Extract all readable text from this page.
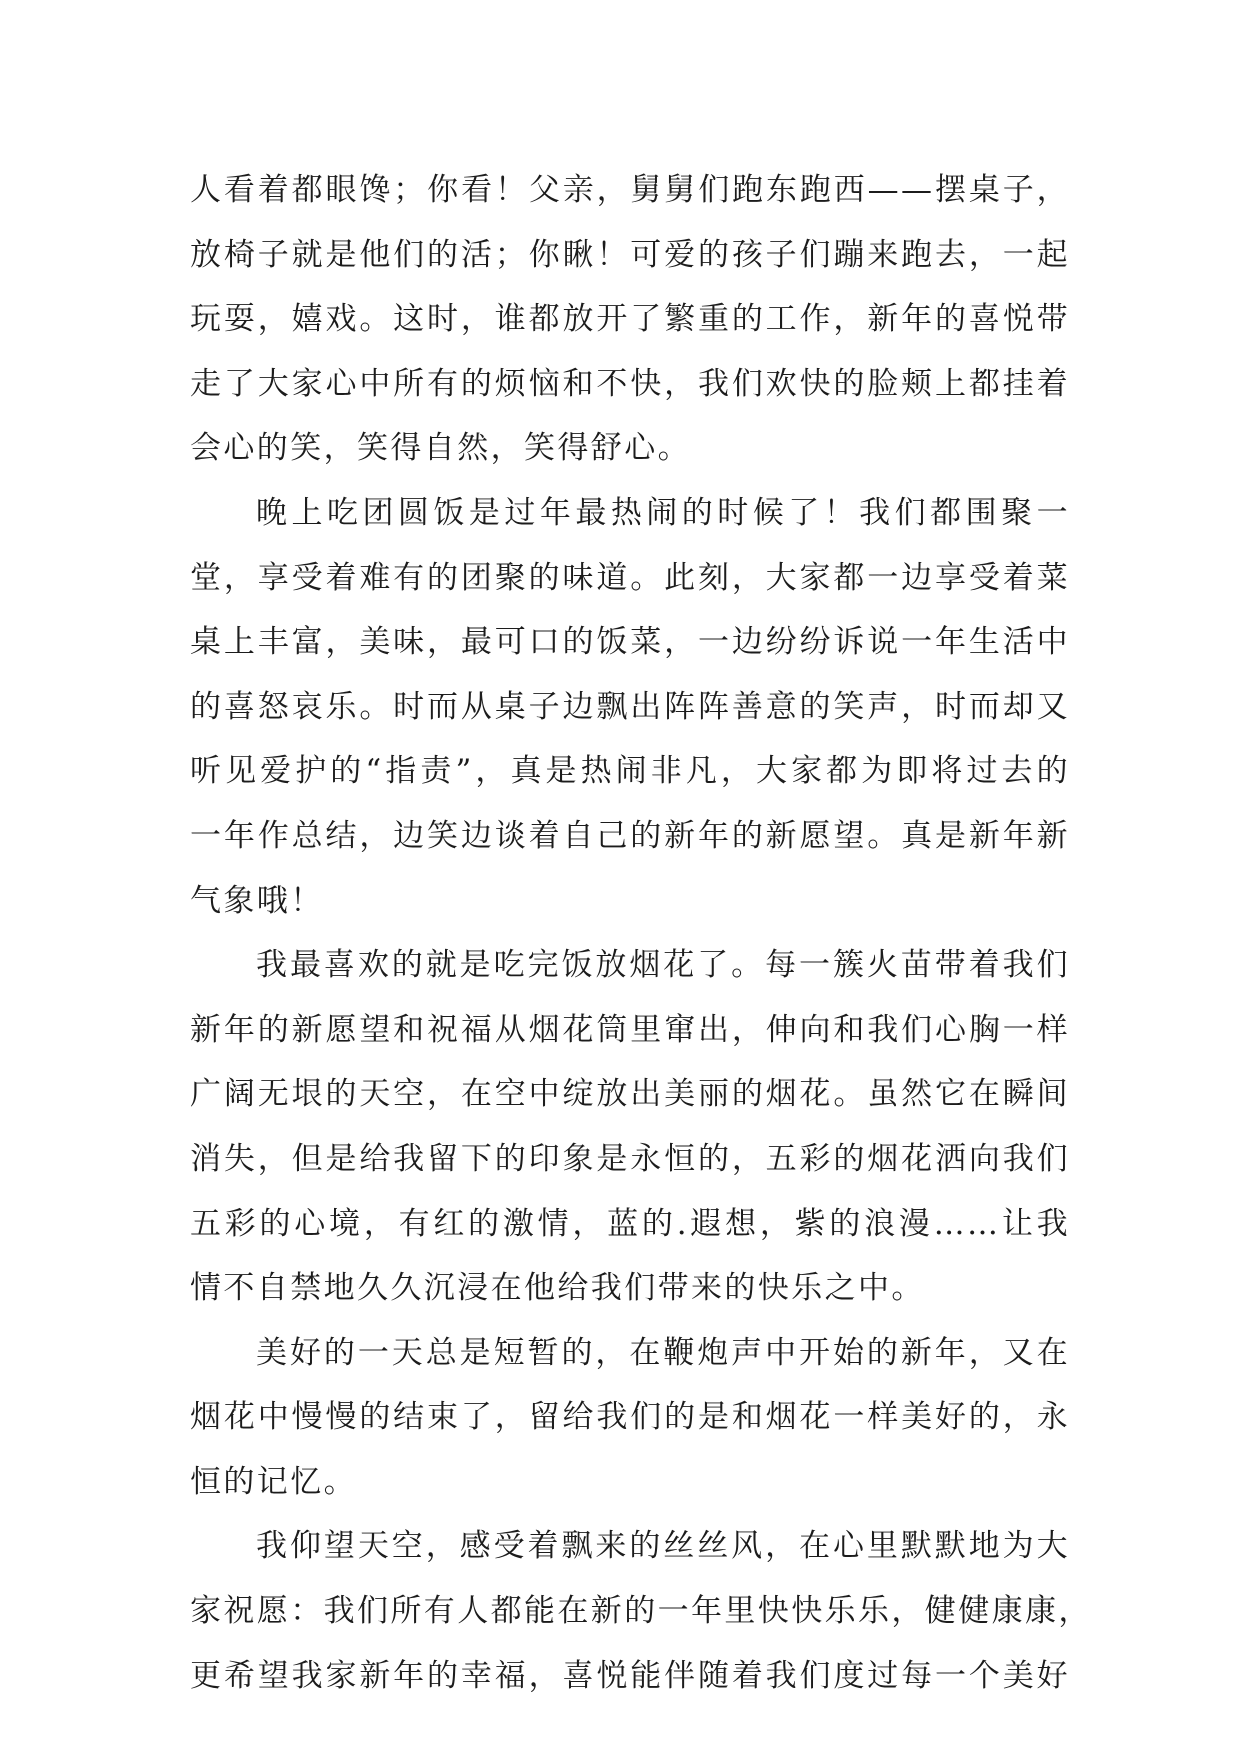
人看着都眼馋；你看！父亲，舅舅们跑东跑西——摆桌子，
放椅子就是他们的活；你瞅！可爱的孩子们蹦来跑去，一起
玩耍，嬉戏。这时，谁都放开了繁重的工作，新年的喜悦带
走了大家心中所有的烦恼和不快，我们欢快的脸颊上都挂着
会心的笑，笑得自然，笑得舒心。
晚上吃团圆饭是过年最热闹的时候了！我们都围聚一
堂，享受着难有的团聚的味道。此刻，大家都一边享受着菜
桌上丰富，美味，最可口的饭菜，一边纷纷诉说一年生活中
的喜怒哀乐。时而从桌子边飘出阵阵善意的笑声，时而却又
听见爱护的“指责”，真是热闹非凡，大家都为即将过去的
一年作总结，边笑边谈着自己的新年的新愿望。真是新年新
气象哦！
我最喜欢的就是吃完饭放烟花了。每一簇火苗带着我们
新年的新愿望和祝福从烟花筒里窜出，伸向和我们心胸一样
广阔无垠的天空，在空中绽放出美丽的烟花。虽然它在瞬间
消失，但是给我留下的印象是永恒的，五彩的烟花洒向我们
五彩的心境，有红的激情，蓝的.遐想，紫的浪漫……让我
情不自禁地久久沉浸在他给我们带来的快乐之中。
美好的一天总是短暂的，在鞭炮声中开始的新年，又在
烟花中慢慢的结束了，留给我们的是和烟花一样美好的，永
恒的记忆。
我仰望天空，感受着飘来的丝丝风，在心里默默地为大
家祝愿：我们所有人都能在新的一年里快快乐乐，健健康康，
更希望我家新年的幸福，喜悦能伴随着我们度过每一个美好
